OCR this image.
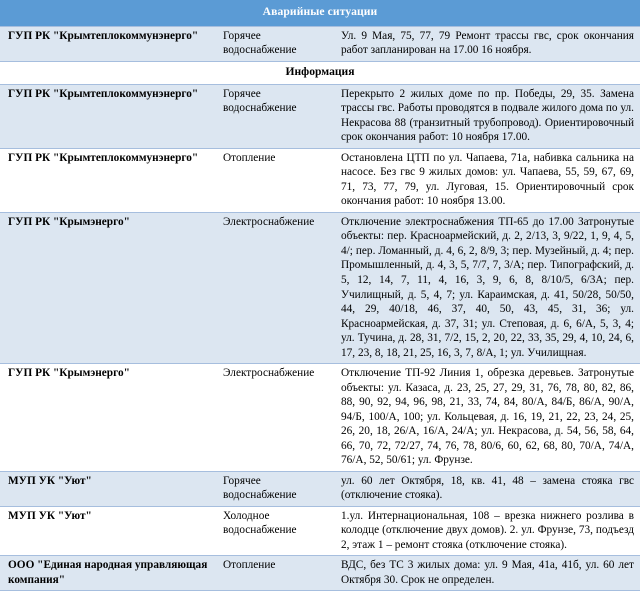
Аварийные ситуации		
ГУП РК "Крымтеплокоммунэнерго"	Горячее водоснабжение	Ул. 9 Мая, 75, 77, 79 Ремонт трассы гвс, срок окончания работ запланирован на 17.00 16 ноября.
Информация		
ГУП РК "Крымтеплокоммунэнерго"	Горячее водоснабжение	Перекрыто 2 жилых доме по пр. Победы, 29, 35. Замена трассы гвс. Работы проводятся в подвале жилого дома по ул. Некрасова 88 (транзитный трубопровод). Ориентировочный срок окончания работ: 10 ноября 17.00.
ГУП РК "Крымтеплокоммунэнерго"	Отопление	Остановлена ЦТП по ул. Чапаева, 71а, набивка сальника на насосе. Без гвс 9 жилых домов: ул. Чапаева, 55, 59, 67, 69, 71, 73, 77, 79, ул. Луговая, 15. Ориентировочный срок окончания работ: 10 ноября 13.00.
ГУП РК "Крымэнерго"	Электроснабжение	Отключение электроснабжения ТП-65 до 17.00 Затронутые объекты: пер. Красноармейский, д. 2, 2/13, 3, 9/22, 1, 9, 4, 5, 4/; пер. Ломанный, д. 4, 6, 2, 8/9, 3; пер. Музейный, д. 4; пер. Промышленный, д. 4, 3, 5, 7/7, 7, 3/А; пер. Типографский, д. 5, 12, 14, 7, 11, 4, 16, 3, 9, 6, 8, 8/10/5, 6/3А; пер. Училищный, д. 5, 4, 7; ул. Караимская, д. 41, 50/28, 50/50, 44, 29, 40/18, 46, 37, 40, 50, 43, 45, 31, 36; ул. Красноармейская, д. 37, 31; ул. Степовая, д. 6, 6/А, 5, 3, 4; ул. Тучина, д. 28, 31, 7/2, 15, 2, 20, 22, 33, 35, 29, 4, 10, 24, 6, 17, 23, 8, 18, 21, 25, 16, 3, 7, 8/А, 1; ул. Училищная.
ГУП РК "Крымэнерго"	Электроснабжение	Отключение ТП-92 Линия 1, обрезка деревьев. Затронутые объекты: ул. Казаса, д. 23, 25, 27, 29, 31, 76, 78, 80, 82, 86, 88, 90, 92, 94, 96, 98, 21, 33, 74, 84, 80/А, 84/Б, 86/А, 90/А, 94/Б, 100/А, 100; ул. Кольцевая, д. 16, 19, 21, 22, 23, 24, 25, 26, 20, 18, 26/А, 16/А, 24/А; ул. Некрасова, д. 54, 56, 58, 64, 66, 70, 72, 72/27, 74, 76, 78, 80/6, 60, 62, 68, 80, 70/А, 74/А, 76/А, 52, 50/61; ул. Фрунзе.
МУП УК "Уют"	Горячее водоснабжение	ул. 60 лет Октября, 18, кв. 41, 48 – замена стояка гвс (отключение стояка).
МУП УК "Уют"	Холодное водоснабжение	1.ул. Интернациональная, 108 – врезка нижнего розлива в колодце (отключение двух домов). 2. ул. Фрунзе, 73, подъезд 2, этаж 1 – ремонт стояка (отключение стояка).
ООО "Единая народная управляющая компания"	Отопление	ВДС, без ТС 3 жилых дома: ул. 9 Мая, 41а, 41б, ул. 60 лет Октября 30. Срок не определен.
